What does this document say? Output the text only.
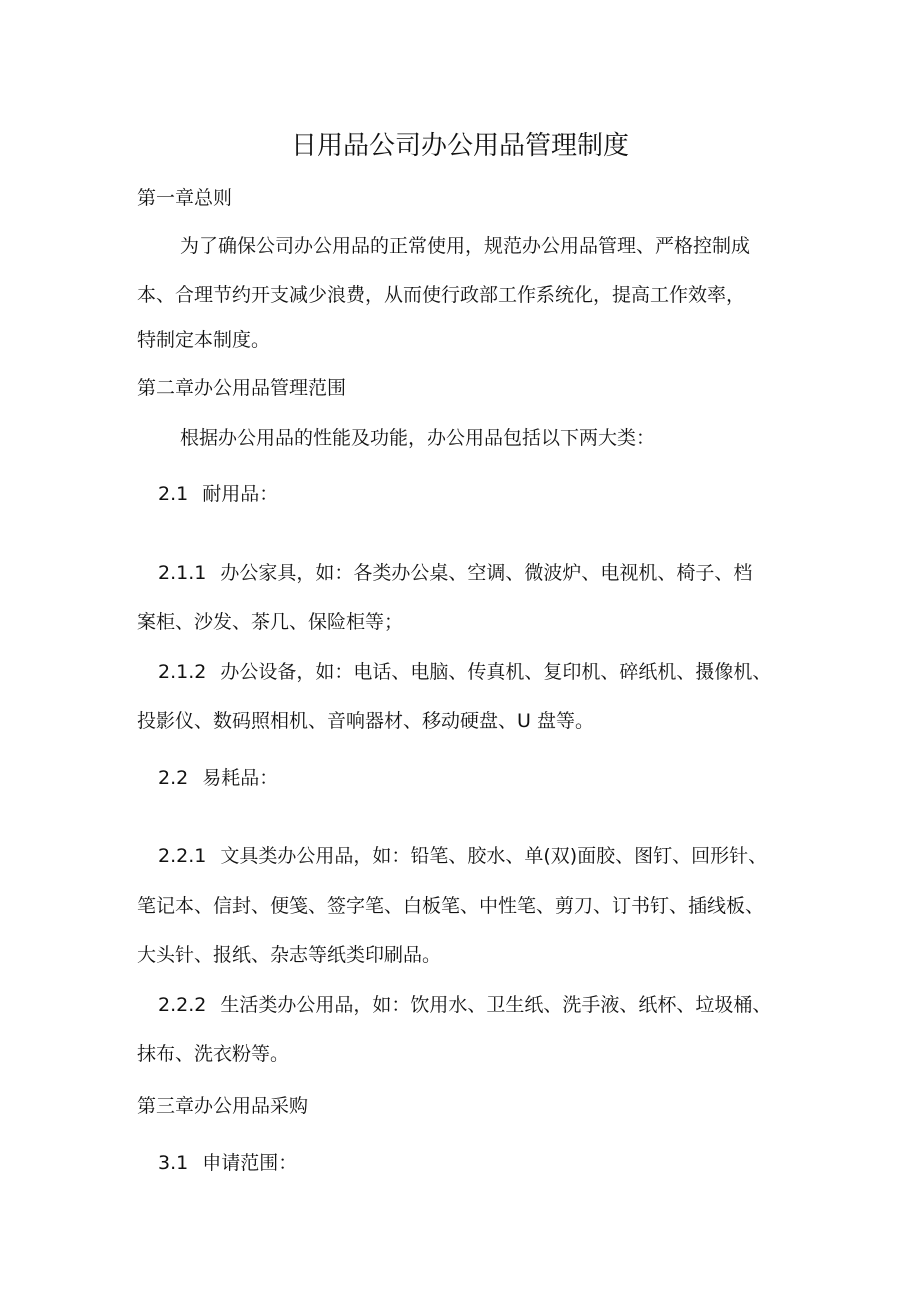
日用品公司办公用品管理制度
第一章总则
为了确保公司办公用品的正常使用，规范办公用品管理、严格控制成
本、合理节约开支减少浪费，从而使行政部工作系统化，提高工作效率，
特制定本制度。
第二章办公用品管理范围
根据办公用品的性能及功能，办公用品包括以下两大类：
2.1 耐用品：
2.1.1 办公家具，如：各类办公桌、空调、微波炉、电视机、椅子、档
案柜、沙发、茶几、保险柜等；
2.1.2 办公设备，如：电话、电脑、传真机、复印机、碎纸机、摄像机、
投影仪、数码照相机、音响器材、移动硬盘、U 盘等。
2.2 易耗品：
2.2.1 文具类办公用品，如：铅笔、胶水、单(双)面胶、图钉、回形针、
笔记本、信封、便笺、签字笔、白板笔、中性笔、剪刀、订书钉、插线板、
大头针、报纸、杂志等纸类印刷品。
2.2.2 生活类办公用品，如：饮用水、卫生纸、洗手液、纸杯、垃圾桶、
抹布、洗衣粉等。
第三章办公用品采购
3.1 申请范围：
